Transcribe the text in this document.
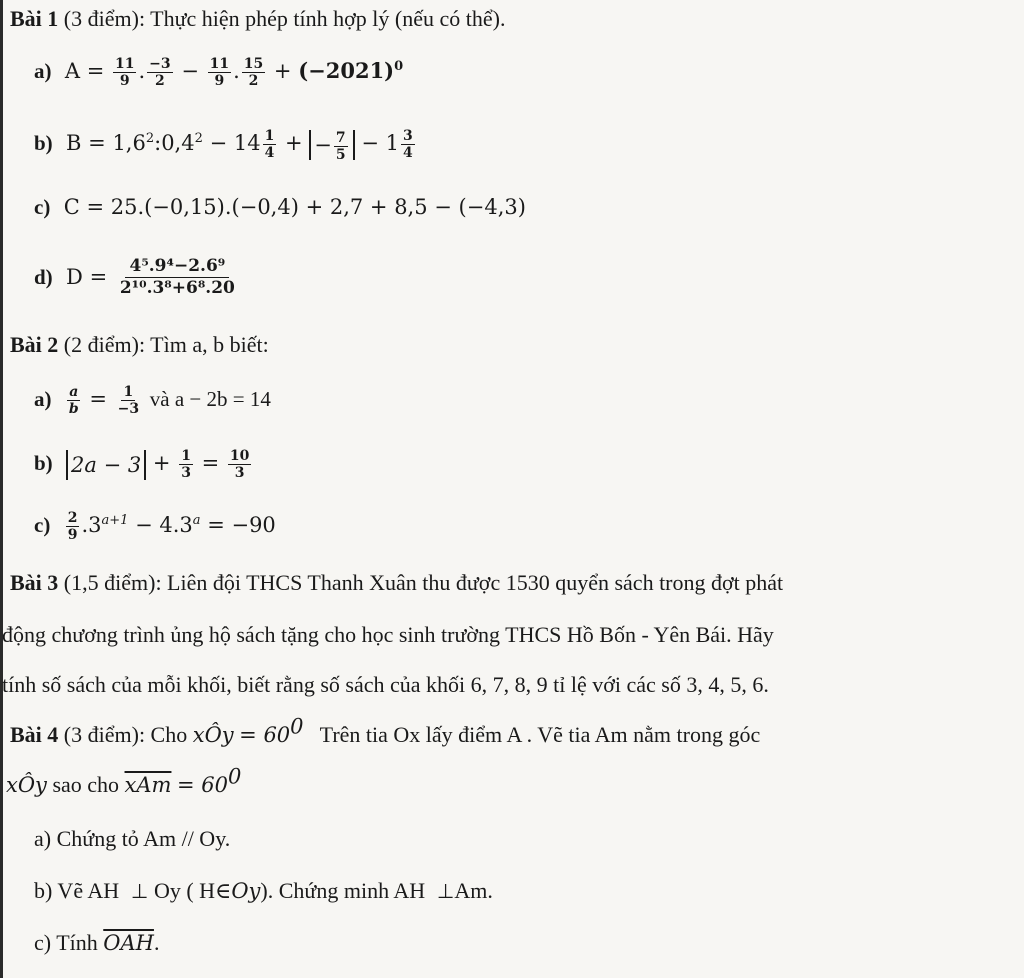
Bài 1 (3 điểm): Thực hiện phép tính hợp lý (nếu có thể).
a) $A = \frac{11}{9}$ . $\frac{-3}{2} - \frac{11}{9}$ . $\frac{15}{2} + (-2021)^0$
b) $B = 1,6^2:0,4^2 - 14 \frac{1}{4}$ + − $\frac{7}{5} - 1 \frac{3}{4}$
c) C = 25.(−0,15).(−0,4) + 2,7 + 8,5 − (−4,3)
d) $D = \frac{\text{4⁵.9⁴−2.6⁹}}{\text{2¹⁰.3⁸+6⁸.20}}$
Bài 2 (2 điểm): Tìm a, b biết:
$a) \frac{a}{b} = \frac{1}{-3}$ và a − 2b = 14
b) $2a - 3 + \frac{1}{3} = \frac{10}{3}$
$c) \frac{2}{9} .3^{a+1} - 4.3^a = -90$
Bài 3 (1,5 điểm): Liên đội THCS Thanh Xuân thu được 1530 quyển sách trong đợt phát
động chương trình ủng hộ sách tặng cho học sinh trường THCS Hồ Bốn - Yên Bái. Hãy
tính số sách của mỗi khối, biết rằng số sách của khối 6, 7, 8, 9 tỉ lệ với các số 3, 4, 5, 6.
Bài 4 (3 điểm): Cho xÔy = $60^0$ Trên tia Ox lấy điểm A . Vẽ tia Am nằm trong góc
xÔy sao cho $\overline{xAm} = 60^0$
a) Chứng tỏ Am // Oy.
b) Vẽ AH  ⊥ Oy ( H∈Oy). Chứng minh AH  ⊥Am.
c) Tính $\overline{OAH}$.
